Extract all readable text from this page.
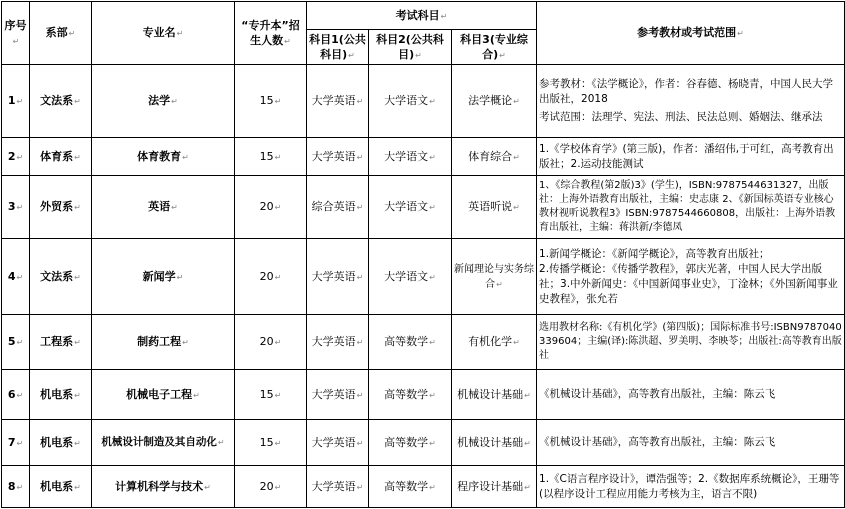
序号↵	系部↵	专业名↵	“专升本”招生人数↵	考试科目↵			参考教材或考试范围↵
				科目1(公共科目)↵	科目2(公共科目)↵	科目3(专业综合)↵	
1↵	文法系↵	法学↵	15↵	大学英语↵	大学语文↵	法学概论↵	参考教材：《法学概论》，作者：谷春德、杨晓青，中国人民大学出版社，2018
考试范围：法理学、宪法、刑法、民法总则、婚姻法、继承法

2↵	体育系↵	体育教育↵	15↵	大学英语↵	大学语文↵	体育综合↵	1.《学校体育学》(第三版)，作者：潘绍伟,于可红，高考教育出版社；2.运动技能测试

3↵	外贸系↵	英语↵	20↵	综合英语↵	大学语文↵	英语听说↵	1、《综合教程(第2版)3》(学生)，ISBN:9787544631327，出版社：上海外语教育出版社，主编：史志康 2、《新国标英语专业核心教材视听说教程3》ISBN:9787544660808，出版社：上海外语教育出版社，主编：蒋洪新/李德凤

4↵	文法系↵	新闻学↵	20↵	大学英语↵	大学语文↵	新闻理论与实务综合↵	1.新闻学概论：《新闻学概论》，高等教育出版社；
2.传播学概论：《传播学教程》，郭庆光著，中国人民大学出版社；3.中外新闻史：《中国新闻事业史》，丁淦林；《外国新闻事业史教程》，张允若

5↵	工程系↵	制药工程↵	20↵	大学英语↵	高等数学↵	有机化学↵	选用教材名称:《有机化学》(第四版)；国际标准书号:ISBN9787040339604；主编(译):陈洪超、罗美明、李映苓；出版社:高等教育出版社

6↵	机电系↵	机械电子工程↵	15↵	大学英语↵	高等数学↵	机械设计基础↵	《机械设计基础》，高等教育出版社，主编：陈云飞

7↵	机电系↵	机械设计制造及其自动化↵	15↵	大学英语↵	高等数学↵	机械设计基础↵	《机械设计基础》，高等教育出版社，主编：陈云飞

8↵	机电系↵	计算机科学与技术↵	20↵	大学英语↵	高等数学↵	程序设计基础↵	1.《C语言程序设计》，谭浩强等；2.《数据库系统概论》，王珊等(以程序设计工程应用能力考核为主，语言不限)
